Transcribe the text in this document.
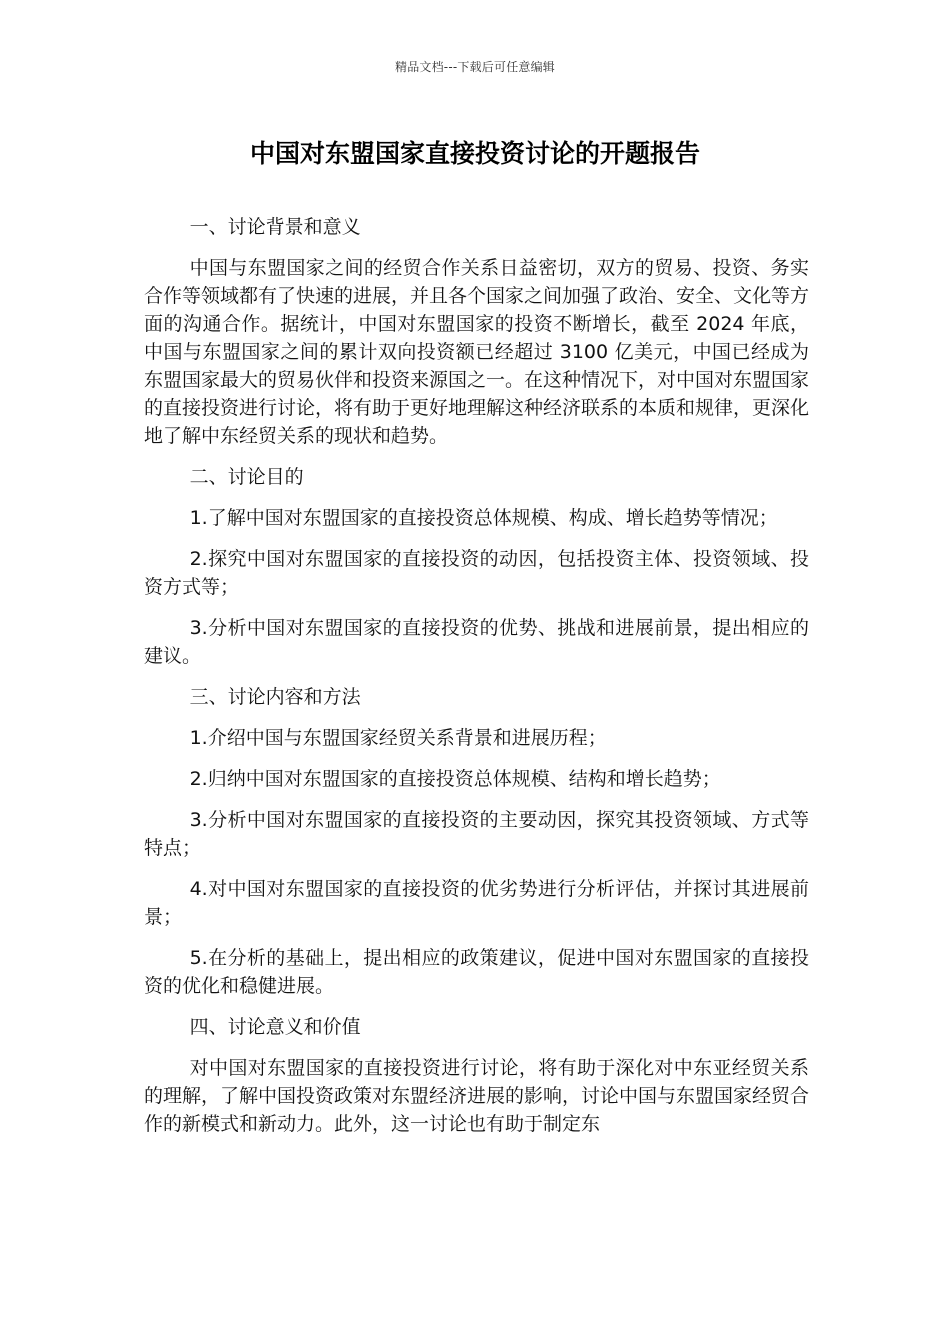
精品文档---下载后可任意编辑
中国对东盟国家直接投资讨论的开题报告

一、讨论背景和意义

中国与东盟国家之间的经贸合作关系日益密切，双方的贸易、投资、务实合作等领域都有了快速的进展，并且各个国家之间加强了政治、安全、文化等方面的沟通合作。据统计，中国对东盟国家的投资不断增长，截至 2024 年底，中国与东盟国家之间的累计双向投资额已经超过 3100 亿美元，中国已经成为东盟国家最大的贸易伙伴和投资来源国之一。在这种情况下，对中国对东盟国家的直接投资进行讨论，将有助于更好地理解这种经济联系的本质和规律，更深化地了解中东经贸关系的现状和趋势。

二、讨论目的

1.了解中国对东盟国家的直接投资总体规模、构成、增长趋势等情况；

2.探究中国对东盟国家的直接投资的动因，包括投资主体、投资领域、投资方式等；

3.分析中国对东盟国家的直接投资的优势、挑战和进展前景，提出相应的建议。

三、讨论内容和方法

1.介绍中国与东盟国家经贸关系背景和进展历程；

2.归纳中国对东盟国家的直接投资总体规模、结构和增长趋势；

3.分析中国对东盟国家的直接投资的主要动因，探究其投资领域、方式等特点；

4.对中国对东盟国家的直接投资的优劣势进行分析评估，并探讨其进展前景；

5.在分析的基础上，提出相应的政策建议，促进中国对东盟国家的直接投资的优化和稳健进展。

四、讨论意义和价值

对中国对东盟国家的直接投资进行讨论，将有助于深化对中东亚经贸关系的理解，了解中国投资政策对东盟经济进展的影响，讨论中国与东盟国家经贸合作的新模式和新动力。此外，这一讨论也有助于制定东
